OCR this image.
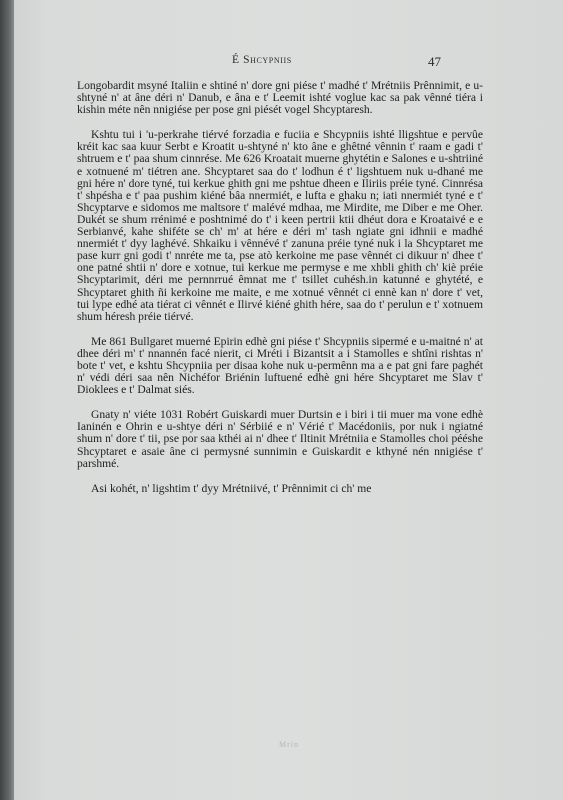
É Shcypniis	47

Longobardit msyné Italiin e shtiné n' dore gni piése t' madhé t' Mrétniis Prênnimit, e u-shtyné n' at âne déri n' Danub, e âna e t' Leemit ishté voglue kac sa pak vênné tiéra i kishin méte nên nnigiése per pose gni piését vogel Shcyptaresh.

Kshtu tui i 'u-perkrahe tiérvé forzadia e fuciia e Shcypniis ishté lligshtue e pervûe kréit kac saa kuur Serbt e Kroatit u-shtyné n' kto âne e ghêtné vênnin t' raam e gadi t' shtruem e t' paa shum cinnrése. Me 626 Kroatait muerne ghytétin e Salones e u-shtriiné e xotnuené m' tiétren ane. Shcyptaret saa do t' lodhun é t' ligshtuem nuk u-dhané me gni hére n' dore tyné, tui kerkue ghith gni me pshtue dheen e Iliriis préie tyné. Cinnrésa t' shpésha e t' paa pushim kiéné bâa nnermiét, e lufta e ghaku n; iati nnermiét tyné e t' Shcyptarve e sidomos me maltsore t' malévé mdhaa, me Mirdite, me Diber e me Oher. Dukét se shum rrénimé e poshtnimé do t' i keen pertrii ktii dhéut dora e Kroataivé e e Serbianvé, kahe shiféte se ch' m' at hére e déri m' tash ngiate gni idhnii e madhé nnermiét t' dyy laghévé. Shkaiku i vênnévé t' zanuna préie tyné nuk i la Shcyptaret me pase kurr gni godi t' nnréte me ta, pse atò kerkoine me pase vênnét ci dikuur n' dhee t' one patné shtii n' dore e xotnue, tui kerkue me permyse e me xhbli ghith ch' kiè préie Shcyptarimit, déri me pernnrrué êmnat me t' tsillet cuhésh.in katunné e ghytété, e Shcyptaret ghith ñi kerkoine me maite, e me xotnué vênnét ci ennè kan n' dore t' vet, tui lype edhé ata tiérat ci vênnét e Ilirvé kiéné ghith hére, saa do t' perulun e t' xotnuem shum héresh préie tiérvé.

Me 861 Bullgaret muerné Epirin edhè gni piése t' Shcypniis sipermé e u-maitné n' at dhee déri m' t' nnannén facé nierit, ci Mréti i Bizantsit a i Stamolles e shtîni rishtas n' bote t' vet, e kshtu Shcypniia per disaa kohe nuk u-permênn ma a e pat gni fare paghét n' védi déri saa nên Nichéfor Briénin luftuené edhè gni hére Shcyptaret me Slav t' Dioklees e t' Dalmat siés.

Gnaty n' viéte 1031 Robért Guiskardi muer Durtsin e i biri i tii muer ma vone edhè Ianinén e Ohrin e u-shtye déri n' Sérbiié e n' Vérié t' Macédoniis, por nuk i ngiatné shum n' dore t' tii, pse por saa kthéi ai n' dhee t' Iltinit Mrétniia e Stamolles choi pééshe Shcyptaret e asaie âne ci permysné sunnimin e Guiskardit e kthyné nén nnigiése t' parshmé.

Asi kohét, n' ligshtim t' dyy Mrétniivé, t' Prênnimit ci ch' me

Mrin
